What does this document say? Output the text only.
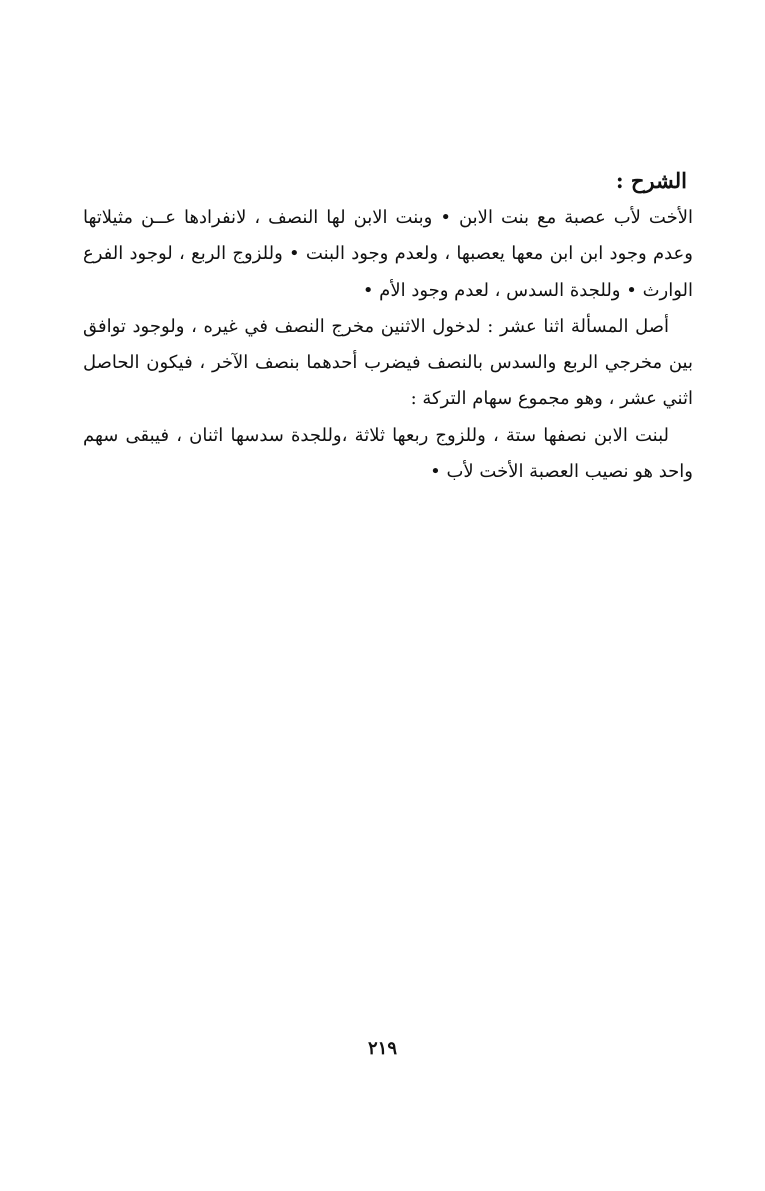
الشرح :

الأخت لأب عصبة مع بنت الابن • وبنت الابن لها النصف ، لانفرادها عــن مثيلاتها وعدم وجود ابن ابن معها يعصبها ، ولعدم وجود البنت • وللزوج الربع ، لوجود الفرع الوارث • وللجدة السدس ، لعدم وجود الأم •

أصل المسألة اثنا عشر : لدخول الاثنين مخرج النصف في غيره ، ولوجود توافق بين مخرجي الربع والسدس بالنصف فيضرب أحدهما بنصف الآخر ، فيكون الحاصل اثني عشر ، وهو مجموع سهام التركة :

لبنت الابن نصفها ستة ، وللزوج ربعها ثلاثة ،وللجدة سدسها اثنان ، فيبقى سهم واحد هو نصيب العصبة الأخت لأب •

٢١٩
